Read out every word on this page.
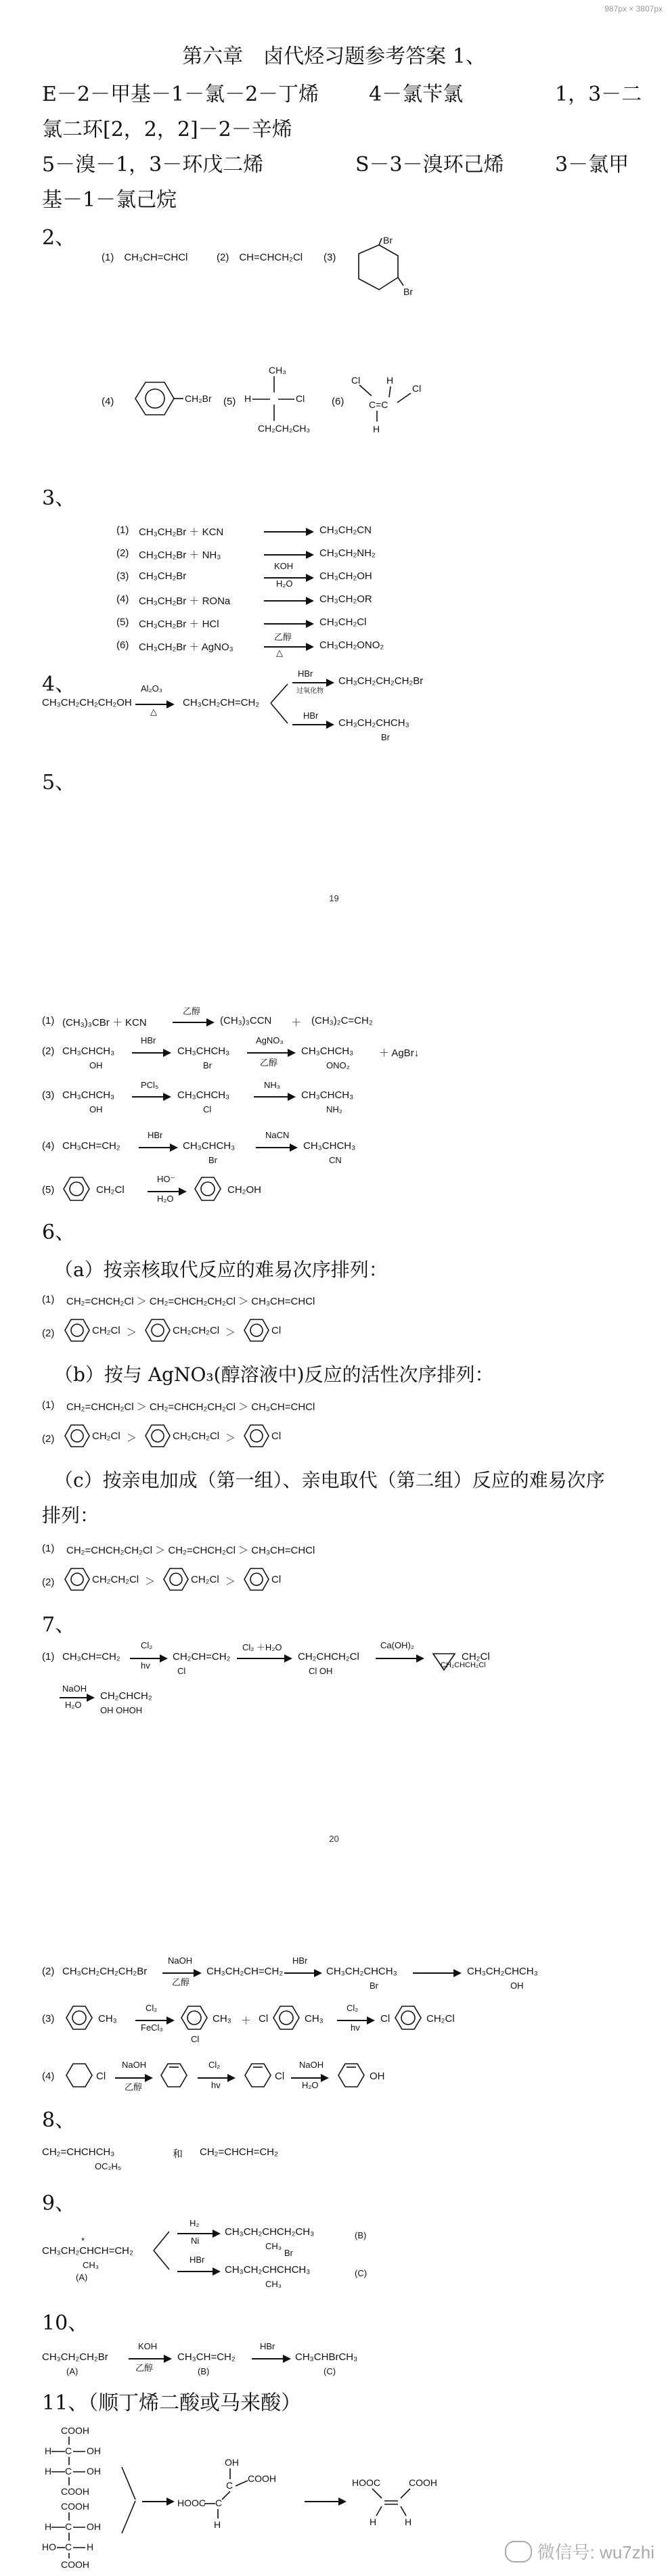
987px × 3807px
第六章　卤代烃习题参考答案 1、
E－2－甲基－1－氯－2－丁烯 4－氯苄氯	1，3－二
氯二环[2，2，2]－2－辛烯
5－溴－1，3－环戊二烯	S－3－溴环己烯	3－氯甲
基－1－氯己烷
2、
(1)　CH₃CH=CHCl	(2)　CH=CHCH₂Cl (3)
Br
Br
(4)	CH₂Br (5)
CH₃
H	Cl
CH₂CH₂CH₃
(6)
Cl
C=C
H
Cl
H
3、
(1) CH₃CH₂Br ＋ KCN	CH₃CH₂CN
(2) CH₃CH₂Br ＋ NH₃	CH₃CH₂NH₂
(3) CH₃CH₂Br
KOH
H₂O
CH₃CH₂OH
(4) CH₃CH₂Br ＋ RONa	CH₃CH₂OR
(5) CH₃CH₂Br ＋ HCl	CH₃CH₂Cl
(6) CH₃CH₂Br ＋ AgNO₃
乙醇
△
CH₃CH₂ONO₂
4、
CH₃CH₂CH₂CH₂OH
Al₂O₃
△
CH₃CH₂CH=CH₂
HBr
过氧化物
CH₃CH₂CH₂CH₂Br
HBr
CH₃CH₂CHCH₃
Br
5、
19
(1) (CH₃)₃CBr ＋ KCN
乙醇
(CH₃)₃CCN ＋ (CH₃)₂C=CH₂
(2) CH₃CHCH₃
OH
HBr
CH₃CHCH₃
Br
AgNO₃
乙醇
CH₃CHCH₃
ONO₂
＋ AgBr↓
(3) CH₃CHCH₃
OH
PCl₅
CH₃CHCH₃
Cl
NH₃
CH₃CHCH₃
NH₂
(4) CH₃CH=CH₂
HBr
CH₃CHCH₃
Br
NaCN
CH₃CHCH₃
CN
(5)	CH₂Cl
HO⁻
H₂O
CH₂OH
6、
（a）按亲核取代反应的难易次序排列：
(1) CH₂=CHCH₂Cl ＞ CH₂=CHCH₂CH₂Cl ＞ CH₃CH=CHCl
(2)	CH₂Cl ＞	CH₂CH₂Cl ＞	Cl
（b）按与 AgNO₃(醇溶液中)反应的活性次序排列：
(1) CH₂=CHCH₂Cl ＞ CH₂=CHCH₂CH₂Cl ＞ CH₃CH=CHCl
(2)	CH₂Cl ＞	CH₂CH₂Cl ＞	Cl
（c）按亲电加成（第一组）、亲电取代（第二组）反应的难易次序
排列：
(1) CH₂=CHCH₂CH₂Cl ＞ CH₂=CHCH₂Cl ＞ CH₃CH=CHCl
(2)	CH₂CH₂Cl ＞	CH₂Cl ＞	Cl
7、
(1) CH₃CH=CH₂
Cl₂
hv
CH₂CH=CH₂
Cl
Cl₂ ＋H₂O
CH₂CHCH₂Cl
Cl OH
Ca(OH)₂
CH₂CHCH₂Cl
CH₂Cl
NaOH
H₂O
CH₂CHCH₂
OH OHOH
20
(2) CH₃CH₂CH₂CH₂Br
NaOH
乙醇
CH₃CH₂CH=CH₂
HBr
CH₃CH₂CHCH₃
Br
CH₃CH₂CHCH₃
OH
(3)	CH₃
Cl₂
FeCl₃
CH₃
Cl
＋ Cl	CH₃
Cl₂
hv
Cl	CH₂Cl
(4)	Cl
NaOH
乙醇
Cl₂
hv
Cl
NaOH
H₂O
OH
8、
CH₂=CHCHCH₃
OC₂H₅
和 CH₂=CHCH=CH₂
9、
CH₃CH₂CHCH=CH₂
*
CH₃
(A)
H₂
Ni
CH₃CH₂CHCH₂CH₃
CH₃
(B)
HBr
Br
CH₃CH₂CHCHCH₃
CH₃
(C)
10、
CH₃CH₂CH₂Br
(A)
KOH
乙醇
CH₃CH=CH₂
(B)
HBr
CH₃CHBrCH₃
(C)
11、（顺丁烯二酸或马来酸）
COOH
H C OH
H C OH
COOH
COOH
H C OH
HO C H
COOH
OH
C
COOH
HOOC C
H
HOOC	COOH
H	H
微信号: wu7zhi
